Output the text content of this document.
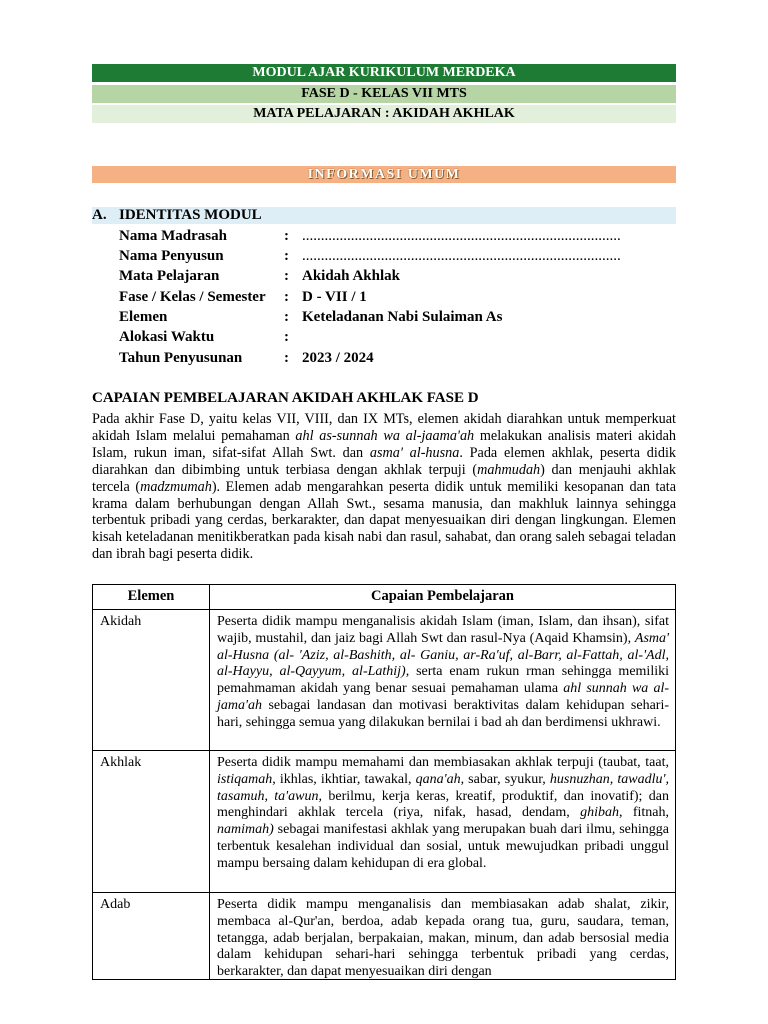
MODUL AJAR KURIKULUM MERDEKA
FASE D - KELAS VII MTS
MATA PELAJARAN : AKIDAH AKHLAK
INFORMASI UMUM
A. IDENTITAS MODUL
Nama Madrasah	: .....................................................................................
Nama Penyusun	: .....................................................................................
Mata Pelajaran	: Akidah Akhlak
Fase / Kelas / Semester : D - VII / 1
Elemen	: Keteladanan Nabi Sulaiman As
Alokasi Waktu	:
Tahun Penyusunan	: 2023 / 2024
CAPAIAN PEMBELAJARAN AKIDAH AKHLAK FASE D
Pada akhir Fase D, yaitu kelas VII, VIII, dan IX MTs, elemen akidah diarahkan untuk memperkuat akidah Islam melalui pemahaman ahl as-sunnah wa al-jaama'ah melakukan analisis materi akidah Islam, rukun iman, sifat-sifat Allah Swt. dan asma' al-husna. Pada elemen akhlak, peserta didik diarahkan dan dibimbing untuk terbiasa dengan akhlak terpuji (mahmudah) dan menjauhi akhlak tercela (madzmumah). Elemen adab mengarahkan peserta didik untuk memiliki kesopanan dan tata krama dalam berhubungan dengan Allah Swt., sesama manusia, dan makhluk lainnya sehingga terbentuk pribadi yang cerdas, berkarakter, dan dapat menyesuaikan diri dengan lingkungan. Elemen kisah keteladanan menitikberatkan pada kisah nabi dan rasul, sahabat, dan orang saleh sebagai teladan dan ibrah bagi peserta didik.
Elemen	Capaian Pembelajaran
Akidah	Peserta didik mampu menganalisis akidah Islam (iman, Islam, dan ihsan), sifat wajib, mustahil, dan jaiz bagi Allah Swt dan rasul-Nya (Aqaid Khamsin), Asma' al-Husna (al- 'Aziz, al-Bashith, al- Ganiu, ar-Ra'uf, al-Barr, al-Fattah, al-'Adl, al-Hayyu, al-Qayyum, al-Lathij), serta enam rukun rman sehingga memiliki pemahmaman akidah yang benar sesuai pemahaman ulama ahl sunnah wa al-jama'ah sebagai landasan dan motivasi beraktivitas dalam kehidupan sehari-hari, sehingga semua yang dilakukan bernilai i bad ah dan berdimensi ukhrawi.
Akhlak	Peserta didik mampu memahami dan membiasakan akhlak terpuji (taubat, taat, istiqamah, ikhlas, ikhtiar, tawakal, qana'ah, sabar, syukur, husnuzhan, tawadlu', tasamuh, ta'awun, berilmu, kerja keras, kreatif, produktif, dan inovatif); dan menghindari akhlak tercela (riya, nifak, hasad, dendam, ghibah, fitnah, namimah) sebagai manifestasi akhlak yang merupakan buah dari ilmu, sehingga terbentuk kesalehan individual dan sosial, untuk mewujudkan pribadi unggul mampu bersaing dalam kehidupan di era global.
Adab	Peserta didik mampu menganalisis dan membiasakan adab shalat, zikir, membaca al-Qur'an, berdoa, adab kepada orang tua, guru, saudara, teman, tetangga, adab berjalan, berpakaian, makan, minum, dan adab bersosial media dalam kehidupan sehari-hari sehingga terbentuk pribadi yang cerdas, berkarakter, dan dapat menyesuaikan diri dengan
